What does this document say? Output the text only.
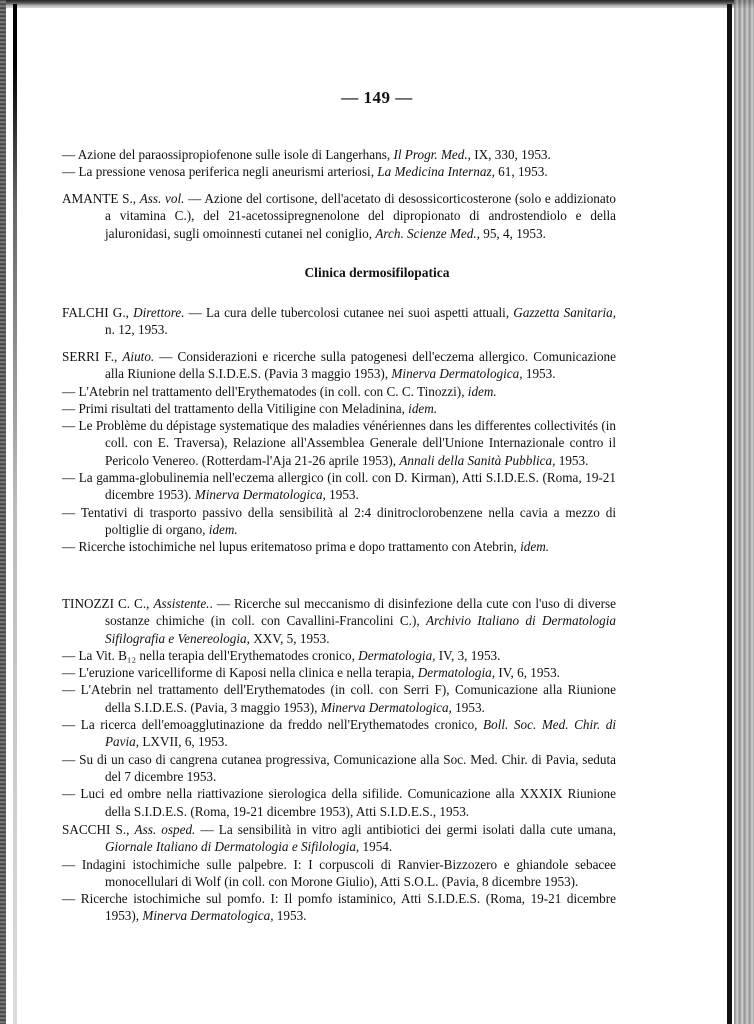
— 149 —

— Azione del paraossipropiofenone sulle isole di Langerhans, Il Progr. Med., IX, 330, 1953.

— La pressione venosa periferica negli aneurismi arteriosi, La Medicina Internaz, 61, 1953.

AMANTE S., Ass. vol. — Azione del cortisone, dell'acetato di desossicorticosterone (solo e addizionato a vitamina C.), del 21-acetossipregnenolone del dipropionato di androstendiolo e della jaluronidasi, sugli omoinnesti cutanei nel coniglio, Arch. Scienze Med., 95, 4, 1953.

Clinica dermosifilopatica

FALCHI G., Direttore. — La cura delle tubercolosi cutanee nei suoi aspetti attuali, Gazzetta Sanitaria, n. 12, 1953.

SERRI F., Aiuto. — Considerazioni e ricerche sulla patogenesi dell'eczema allergico. Comunicazione alla Riunione della S.I.D.E.S. (Pavia 3 maggio 1953), Minerva Dermatologica, 1953.

— L'Atebrin nel trattamento dell'Erythematodes (in coll. con C. C. Tinozzi), idem.

— Primi risultati del trattamento della Vitiligine con Meladinina, idem.

— Le Problème du dépistage systematique des maladies vénériennes dans les differentes collectivités (in coll. con E. Traversa), Relazione all'Assemblea Generale dell'Unione Internazionale contro il Pericolo Venereo. (Rotterdam-l'Aja 21-26 aprile 1953), Annali della Sanità Pubblica, 1953.

— La gamma-globulinemia nell'eczema allergico (in coll. con D. Kirman), Atti S.I.D.E.S. (Roma, 19-21 dicembre 1953). Minerva Dermatologica, 1953.

— Tentativi di trasporto passivo della sensibilità al 2:4 dinitroclorobenzene nella cavia a mezzo di poltiglie di organo, idem.

— Ricerche istochimiche nel lupus eritematoso prima e dopo trattamento con Atebrin, idem.

TINOZZI C. C., Assistente.. — Ricerche sul meccanismo di disinfezione della cute con l'uso di diverse sostanze chimiche (in coll. con Cavallini-Francolini C.), Archivio Italiano di Dermatologia Sifilografia e Venereologia, XXV, 5, 1953.

— La Vit. B₁₂ nella terapia dell'Erythematodes cronico, Dermatologia, IV, 3, 1953.

— L'eruzione varicelliforme di Kaposi nella clinica e nella terapia, Dermatologia, IV, 6, 1953.

— L'Atebrin nel trattamento dell'Erythematodes (in coll. con Serri F), Comunicazione alla Riunione della S.I.D.E.S. (Pavia, 3 maggio 1953), Minerva Dermatologica, 1953.

— La ricerca dell'emoagglutinazione da freddo nell'Erythematodes cronico, Boll. Soc. Med. Chir. di Pavia, LXVII, 6, 1953.

— Su di un caso di cangrena cutanea progressiva, Comunicazione alla Soc. Med. Chir. di Pavia, seduta del 7 dicembre 1953.

— Luci ed ombre nella riattivazione sierologica della sifilide. Comunicazione alla XXXIX Riunione della S.I.D.E.S. (Roma, 19-21 dicembre 1953), Atti S.I.D.E.S., 1953.

SACCHI S., Ass. osped. — La sensibilità in vitro agli antibiotici dei germi isolati dalla cute umana, Giornale Italiano di Dermatologia e Sifilologia, 1954.

— Indagini istochimiche sulle palpebre. I: I corpuscoli di Ranvier-Bizzozero e ghiandole sebacee monocellulari di Wolf (in coll. con Morone Giulio), Atti S.O.L. (Pavia, 8 dicembre 1953).

— Ricerche istochimiche sul pomfo. I: Il pomfo istaminico, Atti S.I.D.E.S. (Roma, 19-21 dicembre 1953), Minerva Dermatologica, 1953.
